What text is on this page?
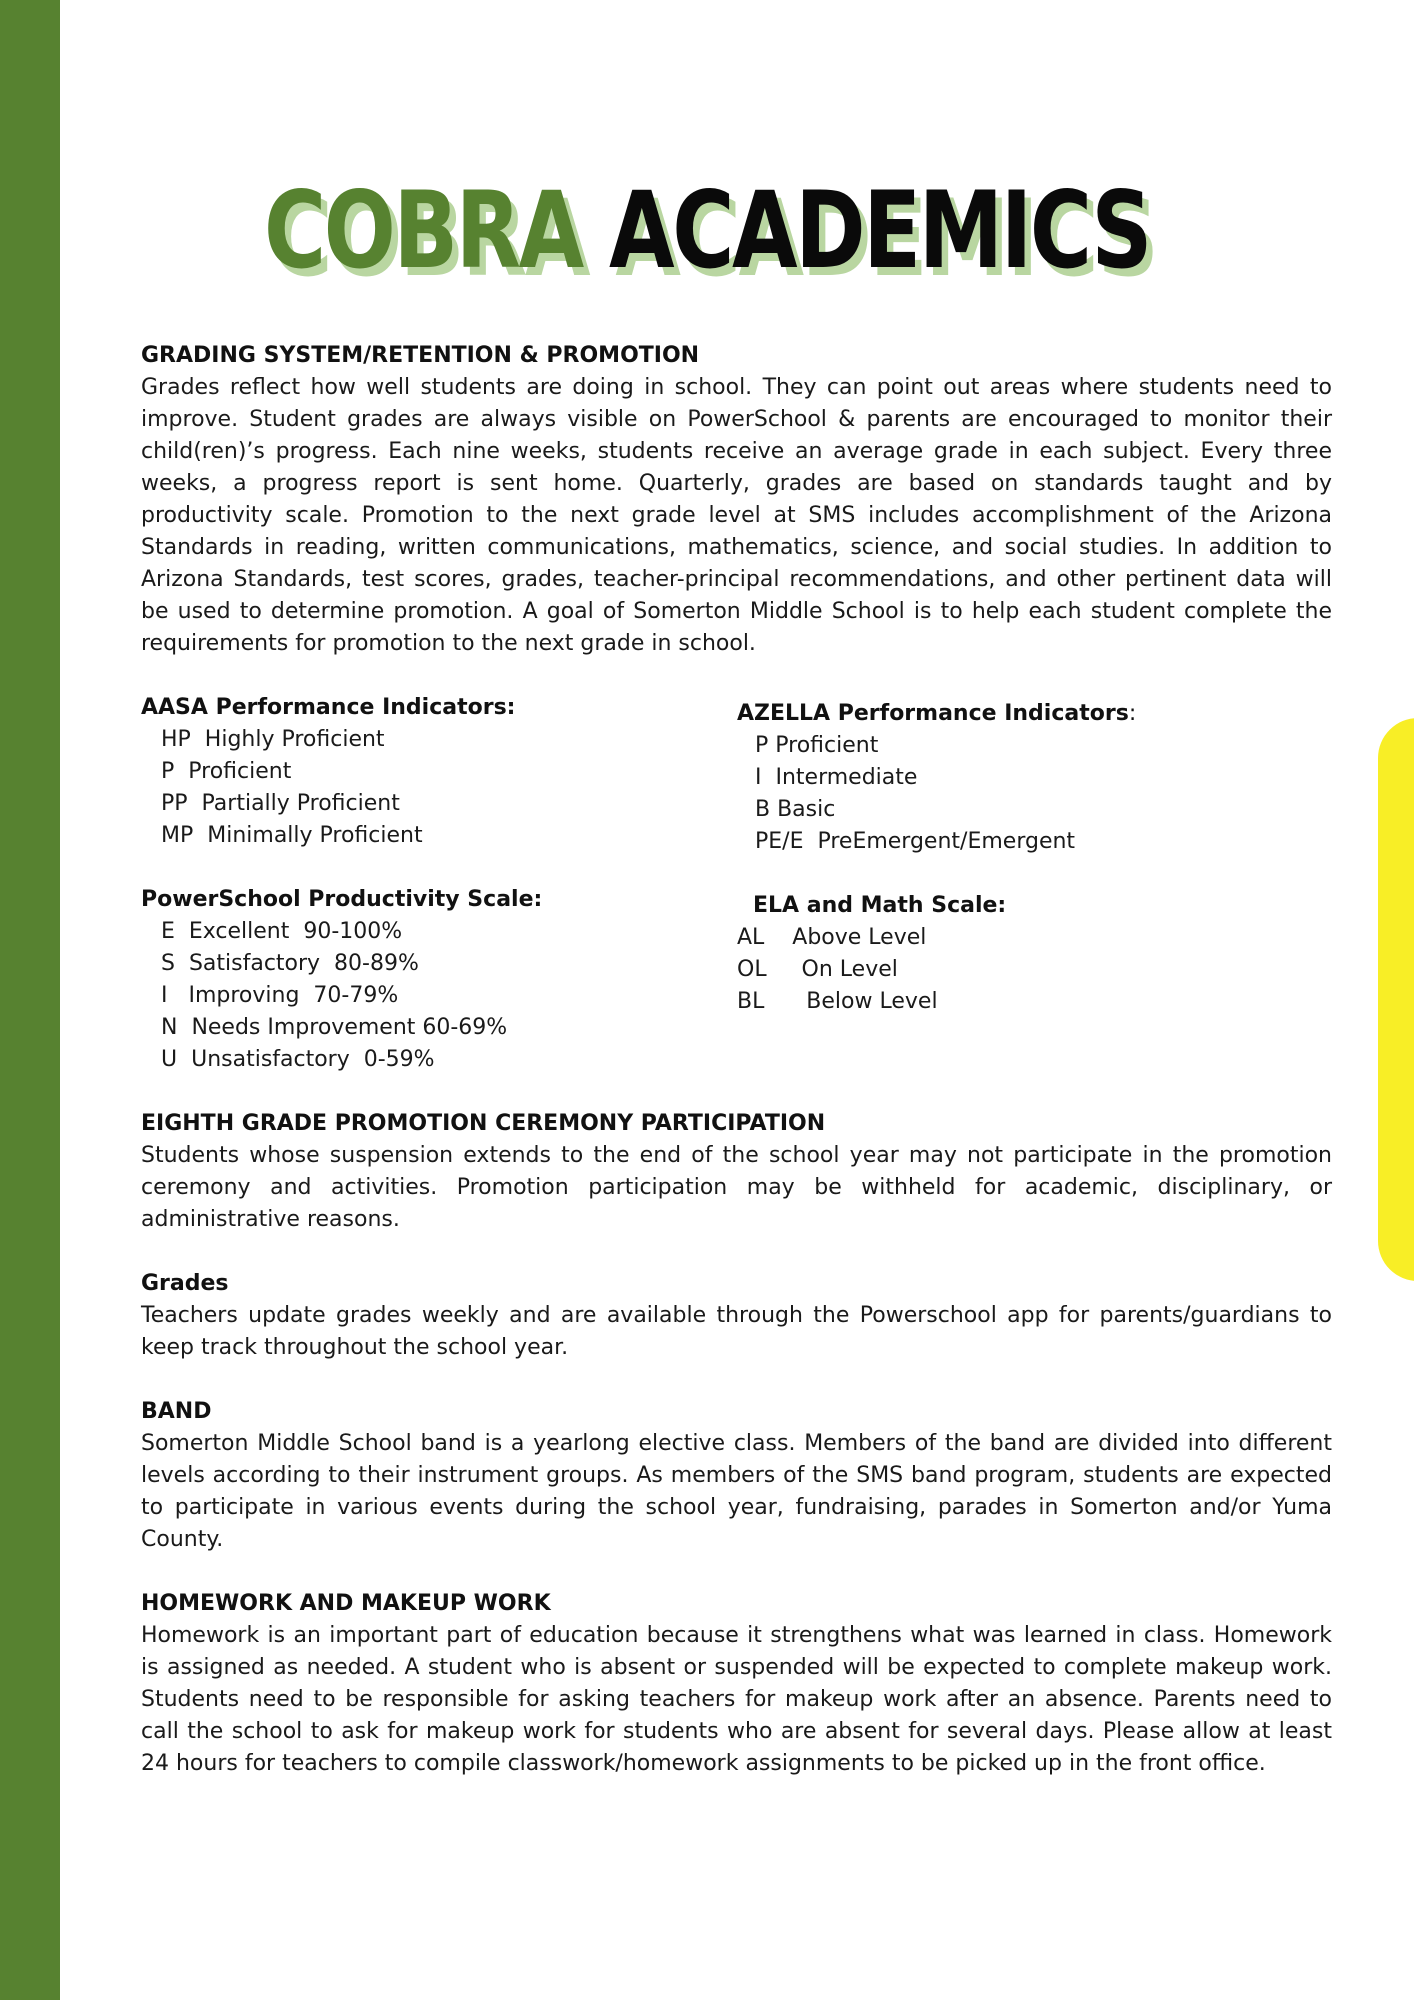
COBRA ACADEMICS
GRADING SYSTEM/RETENTION & PROMOTION

Grades reflect how well students are doing in school. They can point out areas where students need to improve. Student grades are always visible on PowerSchool & parents are encouraged to monitor their child(ren)’s progress. Each nine weeks, students receive an average grade in each subject. Every three weeks, a progress report is sent home. Quarterly, grades are based on standards taught and by productivity scale. Promotion to the next grade level at SMS includes accomplishment of the Arizona Standards in reading, written communications, mathematics, science, and social studies. In addition to Arizona Standards, test scores, grades, teacher-principal recommendations, and other pertinent data will be used to determine promotion. A goal of Somerton Middle School is to help each student complete the requirements for promotion to the next grade in school.

AASA Performance Indicators:
HP  Highly Proficient
P  Proficient
PP  Partially Proficient
MP  Minimally Proficient
AZELLA Performance Indicators:
P Proficient
I  Intermediate
B Basic
PE/E  PreEmergent/Emergent
PowerSchool Productivity Scale:
E  Excellent  90-100%
S  Satisfactory  80-89%
I   Improving  70-79%
N  Needs Improvement 60-69%
U  Unsatisfactory  0-59%
ELA and Math Scale:
AL    Above Level
OL     On Level
BL      Below Level
EIGHTH GRADE PROMOTION CEREMONY PARTICIPATION

Students whose suspension extends to the end of the school year may not participate in the promotion ceremony and activities. Promotion participation may be withheld for academic, disciplinary, or administrative reasons.

Grades

Teachers update grades weekly and are available through the Powerschool app for parents/guardians to keep track throughout the school year.

BAND

Somerton Middle School band is a yearlong elective class. Members of the band are divided into different levels according to their instrument groups. As members of the SMS band program, students are expected to participate in various events during the school year, fundraising, parades in Somerton and/or Yuma County.

HOMEWORK AND MAKEUP WORK

Homework is an important part of education because it strengthens what was learned in class. Homework is assigned as needed. A student who is absent or suspended will be expected to complete makeup work. Students need to be responsible for asking teachers for makeup work after an absence. Parents need to call the school to ask for makeup work for students who are absent for several days. Please allow at least 24 hours for teachers to compile classwork/homework assignments to be picked up in the front office.
